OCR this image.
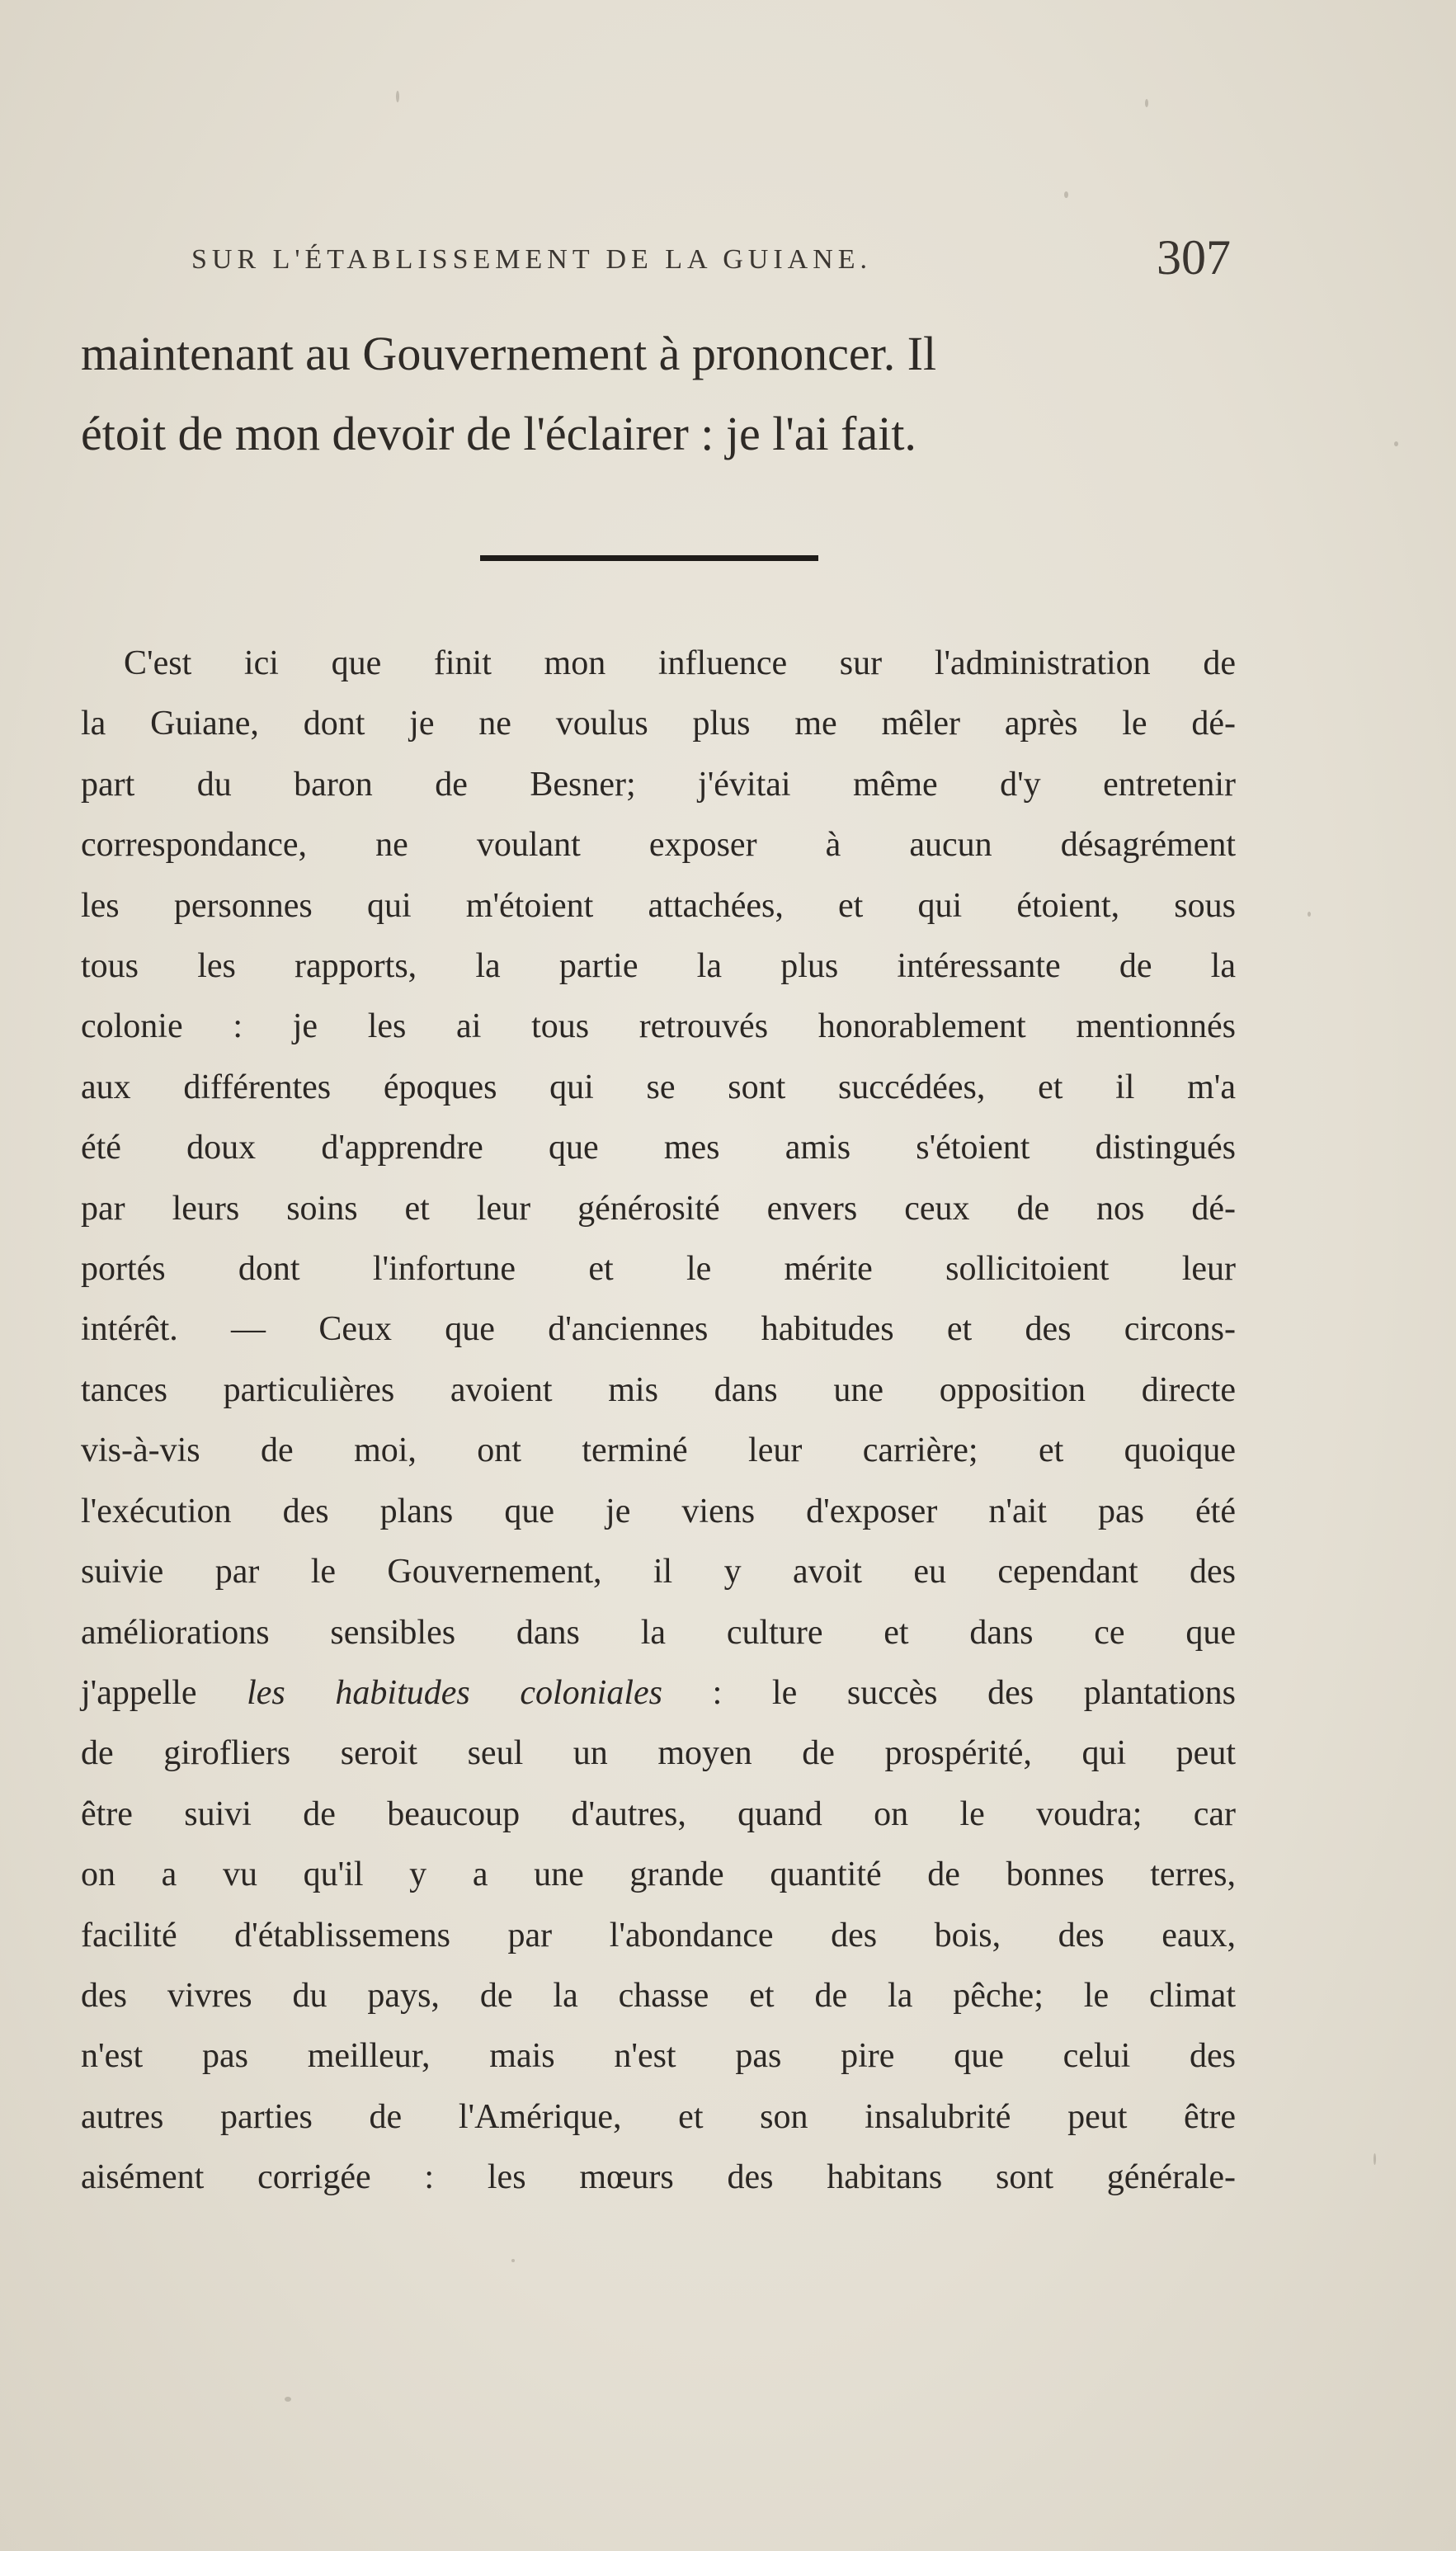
SUR L'ÉTABLISSEMENT DE LA GUIANE.	307
maintenant au Gouvernement à prononcer. Il
étoit de mon devoir de l'éclairer : je l'ai fait.
C'est ici que finit mon influence sur l'administration de
la Guiane, dont je ne voulus plus me mêler après le dé-
part du baron de Besner; j'évitai même d'y entretenir
correspondance, ne voulant exposer à aucun désagrément
les personnes qui m'étoient attachées, et qui étoient, sous
tous les rapports, la partie la plus intéressante de la
colonie : je les ai tous retrouvés honorablement mentionnés
aux différentes époques qui se sont succédées, et il m'a
été doux d'apprendre que mes amis s'étoient distingués
par leurs soins et leur générosité envers ceux de nos dé-
portés dont l'infortune et le mérite sollicitoient leur
intérêt. — Ceux que d'anciennes habitudes et des circons-
tances particulières avoient mis dans une opposition directe
vis-à-vis de moi, ont terminé leur carrière; et quoique
l'exécution des plans que je viens d'exposer n'ait pas été
suivie par le Gouvernement, il y avoit eu cependant des
améliorations sensibles dans la culture et dans ce que
j'appelle les habitudes coloniales : le succès des plantations
de girofliers seroit seul un moyen de prospérité, qui peut
être suivi de beaucoup d'autres, quand on le voudra; car
on a vu qu'il y a une grande quantité de bonnes terres,
facilité d'établissemens par l'abondance des bois, des eaux,
des vivres du pays, de la chasse et de la pêche; le climat
n'est pas meilleur, mais n'est pas pire que celui des
autres parties de l'Amérique, et son insalubrité peut être
aisément corrigée : les mœurs des habitans sont générale-
